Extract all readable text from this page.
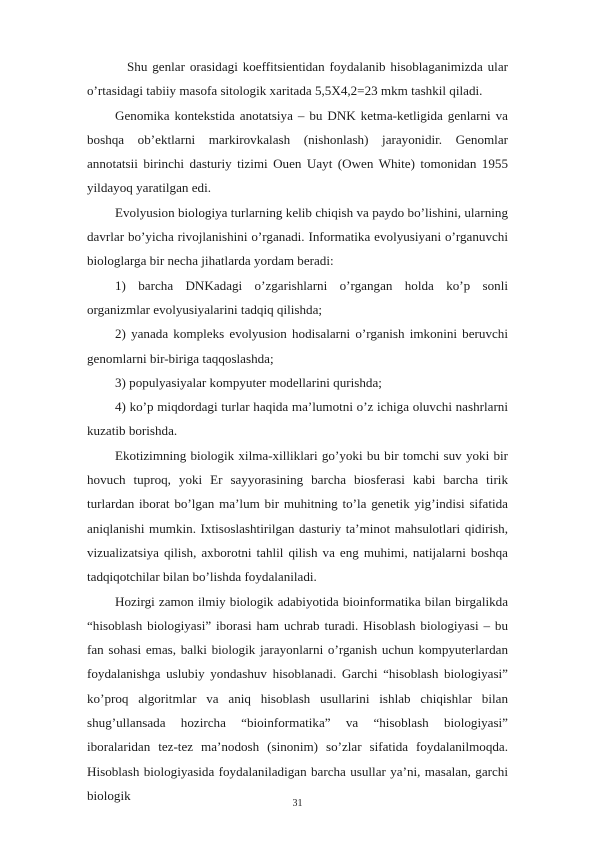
Shu genlar orasidagi koeffitsientidan foydalanib hisoblaganimizda ular o’rtasidagi tabiiy masofa sitologik xaritada 5,5X4,2=23 mkm tashkil qiladi.

Genomika kontekstida anotatsiya – bu DNK ketma-ketligida genlarni va boshqa ob’ektlarni markirovkalash (nishonlash) jarayonidir. Genomlar annotatsii birinchi dasturiy tizimi Ouen Uayt (Owen White) tomonidan 1955 yildayoq yaratilgan edi.

Evolyusion biologiya turlarning kelib chiqish va paydo bo’lishini, ularning davrlar bo’yicha rivojlanishini o’rganadi. Informatika evolyusiyani o’rganuvchi biologlarga bir necha jihatlarda yordam beradi:

1) barcha DNKadagi o’zgarishlarni o’rgangan holda ko’p sonli organizmlar evolyusiyalarini tadqiq qilishda;

2) yanada kompleks evolyusion hodisalarni o’rganish imkonini beruvchi genomlarni bir-biriga taqqoslashda;

3) populyasiyalar kompyuter modellarini qurishda;

4) ko’p miqdordagi turlar haqida ma’lumotni o’z ichiga oluvchi nashrlarni kuzatib borishda.

Ekotizimning biologik xilma-xilliklari go’yoki bu bir tomchi suv yoki bir hovuch tuproq, yoki Er sayyorasining barcha biosferasi kabi barcha tirik turlardan iborat bo’lgan ma’lum bir muhitning to’la genetik yig’indisi sifatida aniqlanishi mumkin. Ixtisoslashtirilgan dasturiy ta’minot mahsulotlari qidirish, vizualizatsiya qilish, axborotni tahlil qilish va eng muhimi, natijalarni boshqa tadqiqotchilar bilan bo’lishda foydalaniladi.

Hozirgi zamon ilmiy biologik adabiyotida bioinformatika bilan birgalikda “hisoblash biologiyasi” iborasi ham uchrab turadi. Hisoblash biologiyasi – bu fan sohasi emas, balki biologik jarayonlarni o’rganish uchun kompyuterlardan foydalanishga uslubiy yondashuv hisoblanadi. Garchi “hisoblash biologiyasi” ko’proq algoritmlar va aniq hisoblash usullarini ishlab chiqishlar bilan shug’ullansada hozircha “bioinformatika” va “hisoblash biologiyasi” iboralaridan tez-tez ma’nodosh (sinonim) so’zlar sifatida foydalanilmoqda. Hisoblash biologiyasida foydalaniladigan barcha usullar ya’ni, masalan, garchi biologik

31
